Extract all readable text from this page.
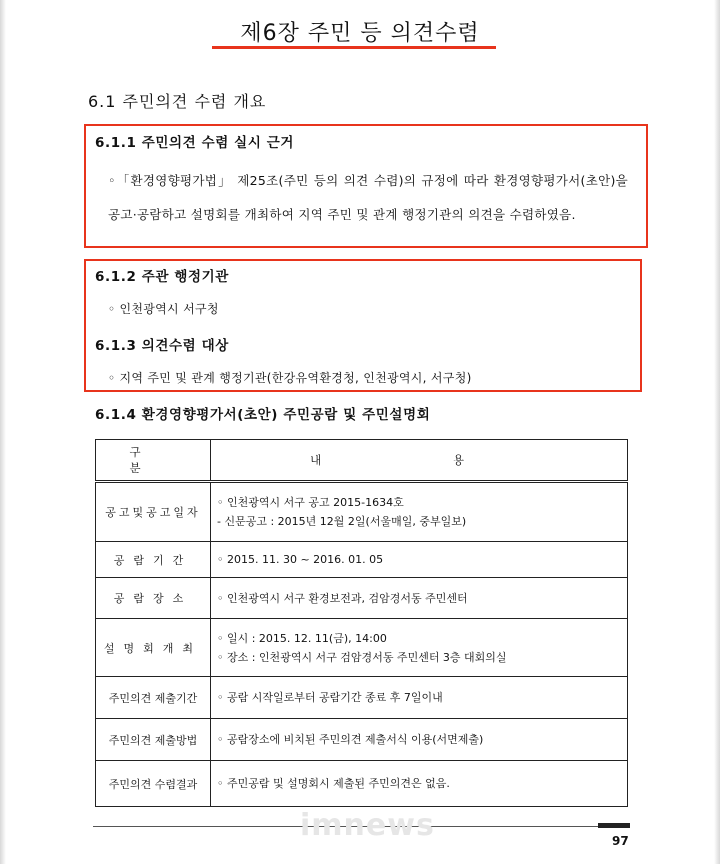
제6장 주민 등 의견수렴
6.1 주민의견 수렴 개요
6.1.1 주민의견 수렴 실시 근거
◦「환경영향평가법」 제25조(주민 등의 의견 수렴)의 규정에 따라 환경영향평가서(초안)을 공고·공람하고 설명회를 개최하여 지역 주민 및 관계 행정기관의 의견을 수렴하였음.
6.1.2 주관 행정기관
◦ 인천광역시 서구청
6.1.3 의견수렴 대상
◦ 지역 주민 및 관계 행정기관(한강유역환경청, 인천광역시, 서구청)
6.1.4 환경영향평가서(초안) 주민공람 및 주민설명회
구 분	내 용
공고및공고일자	◦ 인천광역시 서구 공고 2015-1634호
- 신문공고 : 2015년 12월 2일(서울매일, 중부일보)

공람기간	◦ 2015. 11. 30 ~ 2016. 01. 05

공람장소	◦ 인천광역시 서구 환경보전과, 검암경서동 주민센터

설명회개최	◦ 일시 : 2015. 12. 11(금), 14:00
◦ 장소 : 인천광역시 서구 검암경서동 주민센터 3층 대회의실

주민의견 제출기간	◦ 공람 시작일로부터 공람기간 종료 후 7일이내

주민의견 제출방법	◦ 공람장소에 비치된 주민의견 제출서식 이용(서면제출)

주민의견 수렴결과	◦ 주민공람 및 설명회시 제출된 주민의견은 없음.
imnews	97
